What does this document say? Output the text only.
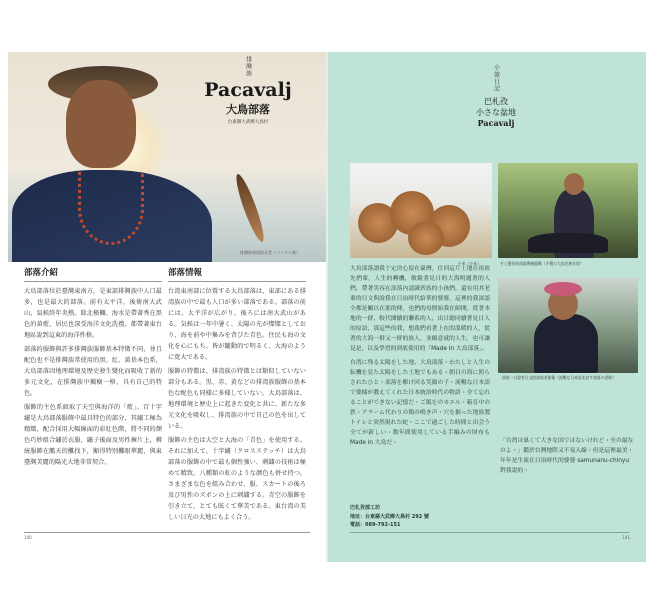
排灣族
Pacavalj
大鳥部落
台東縣大武鄉大鳥村
排灣族部落的長者（パイワン族）
部落介紹

大鳥部落位於臺灣東南方，是東部排灣族中人口最多，也是最大的部落。前有太平洋，後倚南大武山，氣候終年炎熱。除北檳欄、海水是帶著秀在黑色的黃藍，居民也深受海洋文化洗禮，都帶著東台地區說到這東的海洋性格。

部落的服飾與許多排灣族服飾基本特徵不同，並且配色也不是排灣族常使用的黑、紅、黃基本色系，大鳥部落因地理環境及歷史發生變化而吸收了新的多元文化，在排灣族中獨樹一格，具有自己的特色。

服飾的主色系頭取了天空與海洋的「藍」。百十字繡是大鳥部落服飾中最具特色的部分，其繡工極為精緻，配合採用大幅線面的彩紅色階，將不同的顏色巧妙組合繡於衣服，繡子後面及男性褲片上，轉統服飾在艦天的攤找下，顯得特別攤眼華麗，與東臺灣美麗的陽光大地非常契合。

部落情報

台湾東南部に位置する大鳥部落は、東部にある排湾族の中で最も人口が多い部落である。部落の前には、太平洋が広がり、後ろには南大武山がある。気候は一年中暑く、太陽の光が燦燦としており、海を前や中集みを背びた青色。住民も海の文化を心にもち、皆が躍動的で明るく、大海のように寛大である。

服飾の特徴は、排湾族の特徴とは類似していない部分もある。黒、赤、黄などの排湾族服飾の基本色な配色も同様に多様していない。大鳥部落は、地理環境と歴史上に起きた変化と共に、新たな多元文化を吸収し、排湾族の中で自己の色を出している。

服飾の主色は大空と大海の「青色」を使用する。それに加えて、十字繡（クロスステッチ）は大鳥部落の服飾の中で最も個性強い、刺繍の技術は極めて精致。八種類の虹のような颜色も併せ持つ。さまざまな色を組み合わせ、服、スカートの後ろ及び男性のズボンの上に刺繍する。青空の服飾を引き立て、とても眩くて華美である。東台湾の美しい日光の大地にもよく合う。

140
小旅日記
巴札孜
小さな盆地
Pacavalj
小米（小米）	手工製作的部落傳統服飾（手製の大鳥民族衣装）
部落一口說有日文的部落老婆婆（流暢な日本語を話す部落の老婦）

大鳥部落謂我于定決心留在臺灣，住回這片土地在祖祖先們輩，人生的轉機，敏銳著見日的大海明麗著的人們，帶著笑容在部落內認識齊族的小孩們，還有用其老輩的日文與說我在日治時代給華的婆婆，這裡的我深認全都是關以在那的傳，也們的母開始我在師開，從著本地的一群，較代閱續的聯系的人，由日總同續著見日人的原語，那這些的我，想我們看著上在的溫暖的人，從著的大海一群又一群的族人，並願意就的人生，也可讓見是，以及學習的到底使用的「Made in 大鳥部落」。

台湾に残る太陽をした地、大鳥部落・わたしと人生の転機を見た太陽をした土地でもある・朝日の海に照らされたひと・部落を駆け回る笑顔の子・流暢な日本語で婆様が教えてくれた日本統治時代の物語・全て忘れることができない記憶だ・ご飯をのカエル・箱育中の鉄・アラーム代わりの鶏の鳴き声・穴を掘った地族製トイレと突然現れた蛇・ここで過ごした時間と出会う全てが新しい・数年間使用している手編みの財布も Made in 大鳥だ・	「台湾は巣くて大きな国ではないけれど・至の最なのよ・」鑑於台灣地際又不易入線・但是這裡最美・年年是生流在日治時代的婆婆 samunanu-chinyu 對我說的・
巴札孜部工坊
地址：台東縣大武鄉大鳥村 292 號
電話：089-792-151
141
